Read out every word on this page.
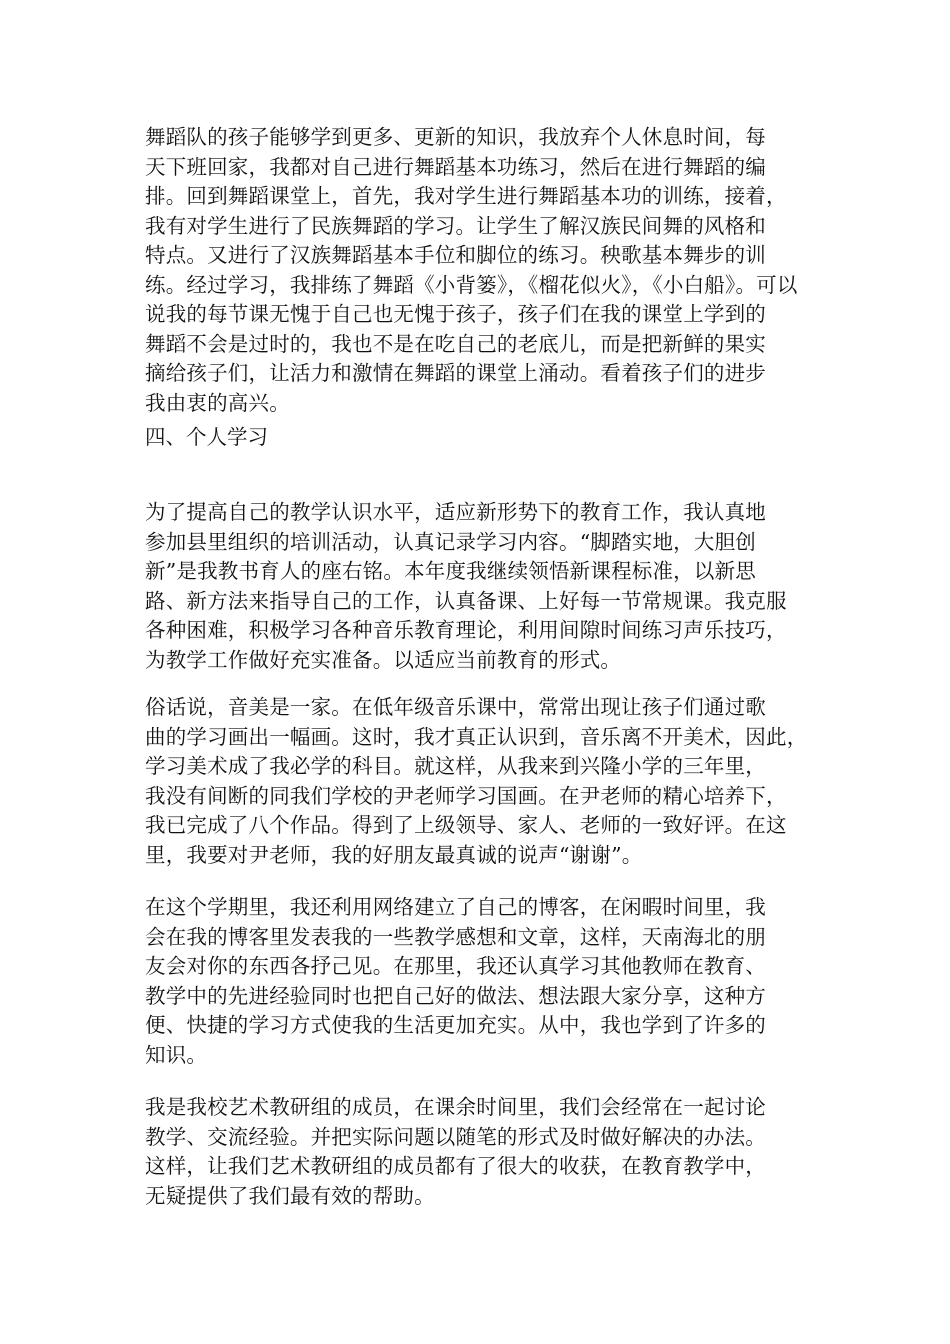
舞蹈队的孩子能够学到更多、更新的知识，我放弃个人休息时间，每
天下班回家，我都对自己进行舞蹈基本功练习，然后在进行舞蹈的编
排。回到舞蹈课堂上，首先，我对学生进行舞蹈基本功的训练，接着，
我有对学生进行了民族舞蹈的学习。让学生了解汉族民间舞的风格和
特点。又进行了汉族舞蹈基本手位和脚位的练习。秧歌基本舞步的训
练。经过学习，我排练了舞蹈《小背篓》，《榴花似火》，《小白船》。可以
说我的每节课无愧于自己也无愧于孩子，孩子们在我的课堂上学到的
舞蹈不会是过时的，我也不是在吃自己的老底儿，而是把新鲜的果实
摘给孩子们，让活力和激情在舞蹈的课堂上涌动。看着孩子们的进步
我由衷的高兴。

四、个人学习

为了提高自己的教学认识水平，适应新形势下的教育工作，我认真地
参加县里组织的培训活动，认真记录学习内容。“脚踏实地，大胆创
新”是我教书育人的座右铭。本年度我继续领悟新课程标准，以新思
路、新方法来指导自己的工作，认真备课、上好每一节常规课。我克服
各种困难，积极学习各种音乐教育理论，利用间隙时间练习声乐技巧，
为教学工作做好充实准备。以适应当前教育的形式。

俗话说，音美是一家。在低年级音乐课中，常常出现让孩子们通过歌
曲的学习画出一幅画。这时，我才真正认识到，音乐离不开美术，因此，
学习美术成了我必学的科目。就这样，从我来到兴隆小学的三年里，
我没有间断的同我们学校的尹老师学习国画。在尹老师的精心培养下，
我已完成了八个作品。得到了上级领导、家人、老师的一致好评。在这
里，我要对尹老师，我的好朋友最真诚的说声“谢谢”。

在这个学期里，我还利用网络建立了自己的博客，在闲暇时间里，我
会在我的博客里发表我的一些教学感想和文章，这样，天南海北的朋
友会对你的东西各抒己见。在那里，我还认真学习其他教师在教育、
教学中的先进经验同时也把自己好的做法、想法跟大家分享，这种方
便、快捷的学习方式使我的生活更加充实。从中，我也学到了许多的
知识。

我是我校艺术教研组的成员，在课余时间里，我们会经常在一起讨论
教学、交流经验。并把实际问题以随笔的形式及时做好解决的办法。
这样，让我们艺术教研组的成员都有了很大的收获，在教育教学中，
无疑提供了我们最有效的帮助。
